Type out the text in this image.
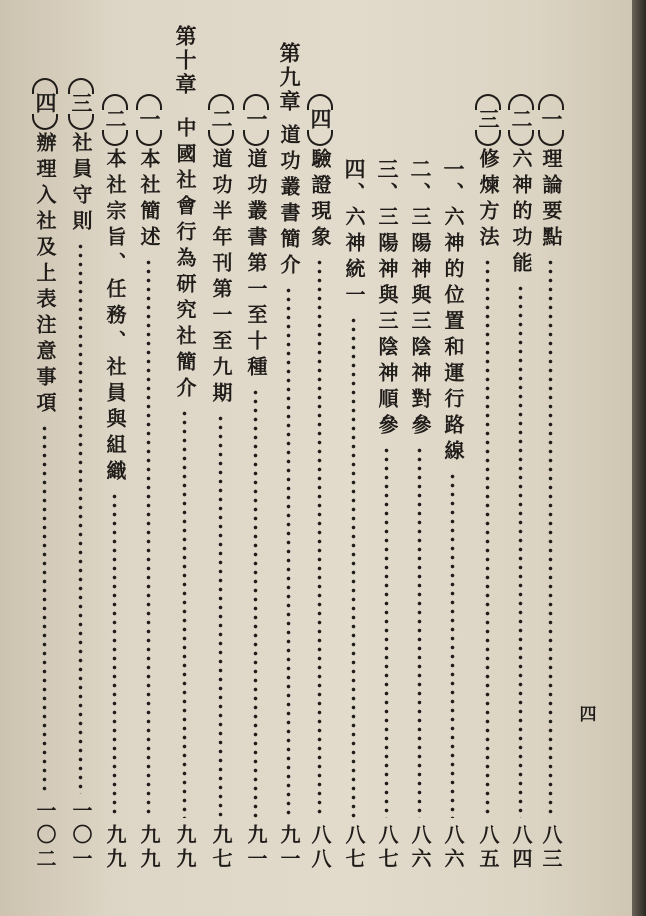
一
理論要點
八三
二
六神的功能
八四
三
修煉方法
八五
一、
六神的位置和運行路線
八六
二、
三陽神與三陰神對參
八六
三、
三陽神與三陰神順參
八七
四、
六神統一
八七
四
驗證現象
八八
第九章
道功叢書簡介
九一
一
道功叢書第一至十種
九一
二
道功半年刊第一至九期
九七
第十章
中國社會行為研究社簡介
九九
一
本社簡述
九九
二
本社宗旨、任務、社員與組織
九九
三
社員守則
一〇一
四
辦理入社及上表注意事項
一〇二
四
